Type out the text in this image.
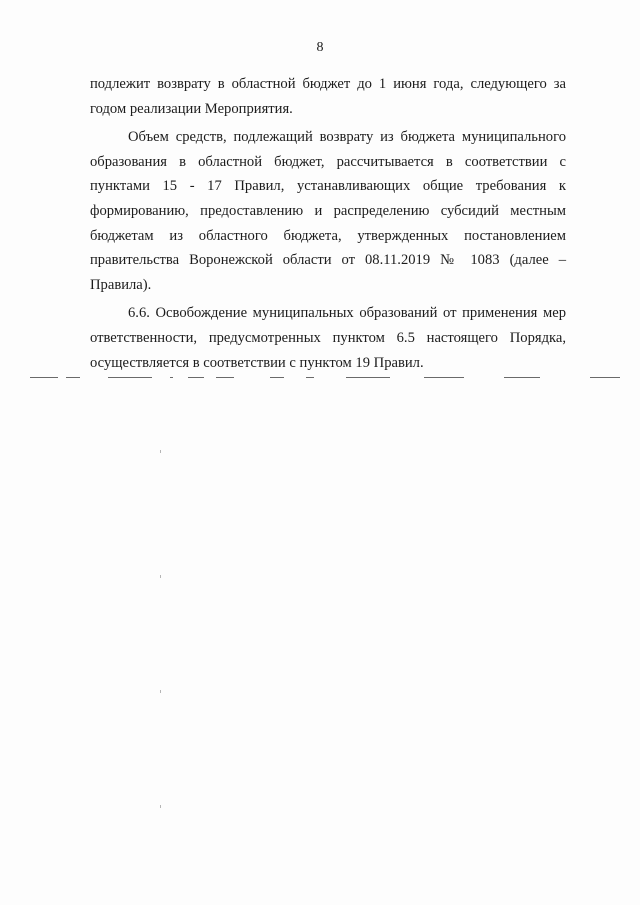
8

подлежит возврату в областной бюджет до 1 июня года, следующего за годом реализации Мероприятия.

Объем средств, подлежащий возврату из бюджета муниципального образования в областной бюджет, рассчитывается в соответствии с пунктами 15 - 17 Правил, устанавливающих общие требования к формированию, предоставлению и распределению субсидий местным бюджетам из областного бюджета, утвержденных постановлением правительства Воронежской области от 08.11.2019 № 1083 (далее – Правила).

6.6. Освобождение муниципальных образований от применения мер ответственности, предусмотренных пунктом 6.5 настоящего Порядка, осуществляется в соответствии с пунктом 19 Правил.
